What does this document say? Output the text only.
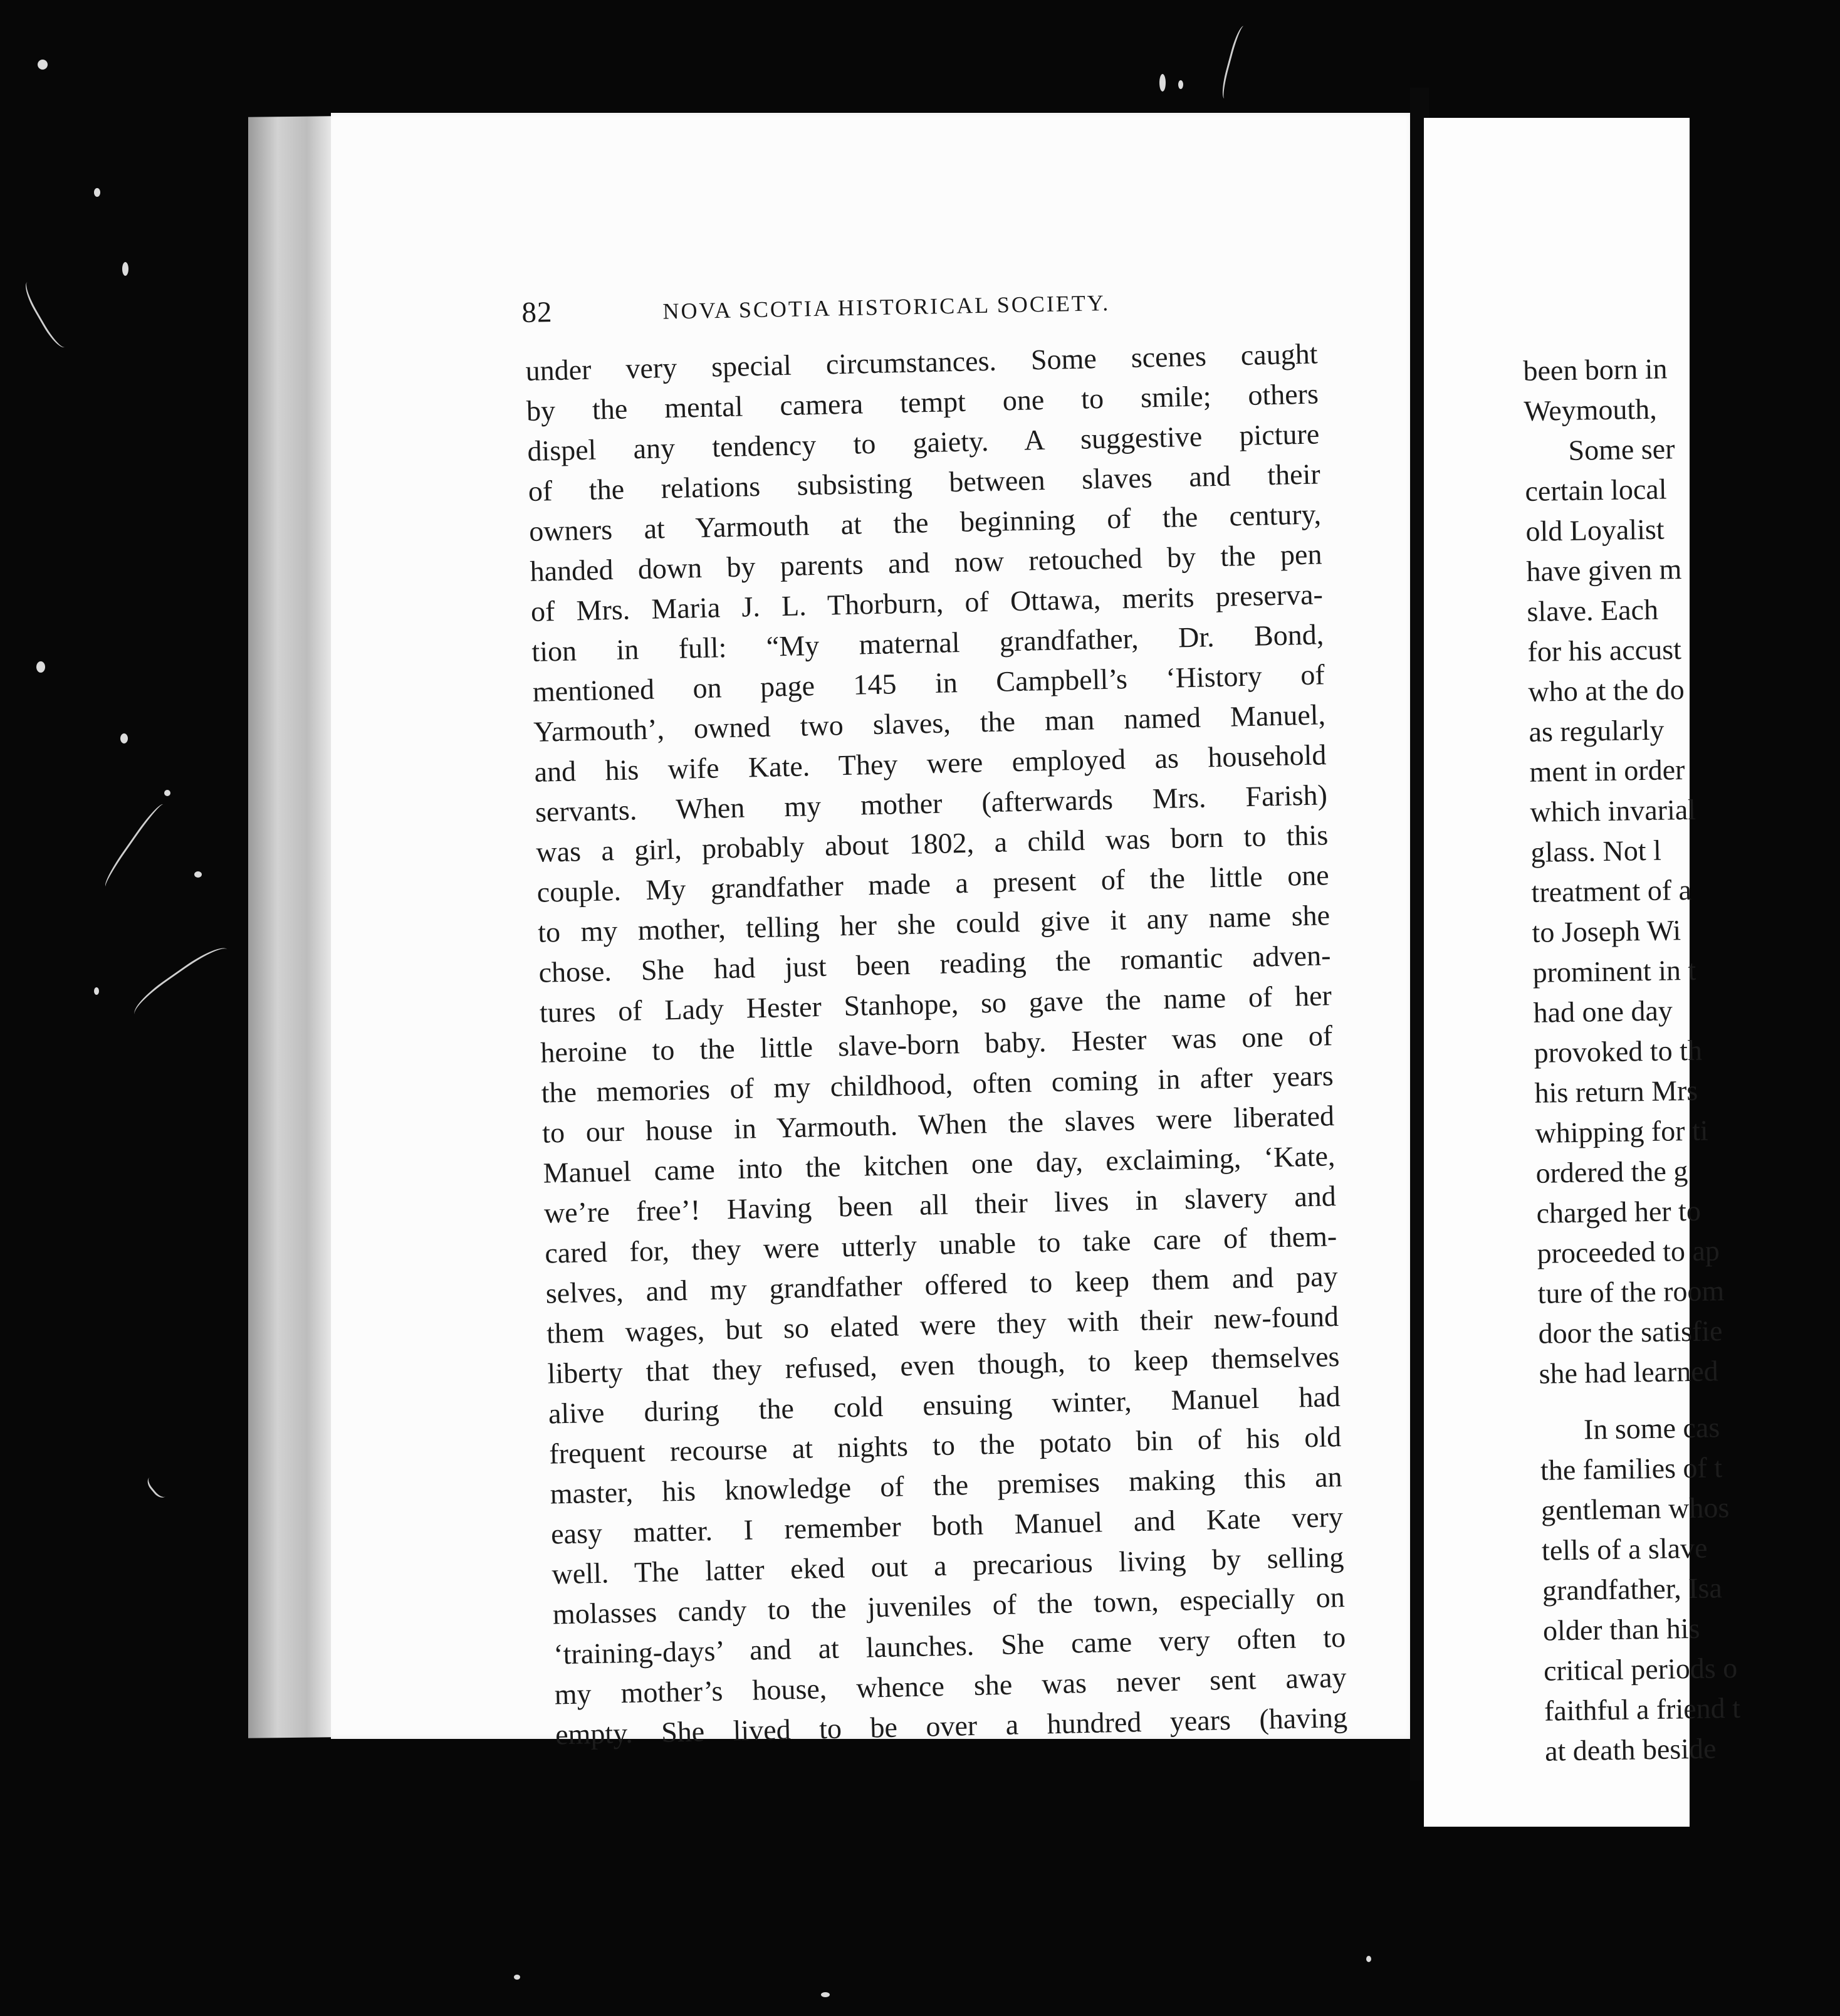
82	NOVA SCOTIA HISTORICAL SOCIETY.
under very special circumstances. Some scenes caught
by the mental camera tempt one to smile; others
dispel any tendency to gaiety. A suggestive picture
of the relations subsisting between slaves and their
owners at Yarmouth at the beginning of the century,
handed down by parents and now retouched by the pen
of Mrs. Maria J. L. Thorburn, of Ottawa, merits preserva-
tion in full: “My maternal grandfather, Dr. Bond,
mentioned on page 145 in Campbell’s ‘History of
Yarmouth’, owned two slaves, the man named Manuel,
and his wife Kate. They were employed as household
servants. When my mother (afterwards Mrs. Farish)
was a girl, probably about 1802, a child was born to this
couple. My grandfather made a present of the little one
to my mother, telling her she could give it any name she
chose. She had just been reading the romantic adven-
tures of Lady Hester Stanhope, so gave the name of her
heroine to the little slave-born baby. Hester was one of
the memories of my childhood, often coming in after years
to our house in Yarmouth. When the slaves were liberated
Manuel came into the kitchen one day, exclaiming, ‘Kate,
we’re free’! Having been all their lives in slavery and
cared for, they were utterly unable to take care of them-
selves, and my grandfather offered to keep them and pay
them wages, but so elated were they with their new-found
liberty that they refused, even though, to keep themselves
alive during the cold ensuing winter, Manuel had
frequent recourse at nights to the potato bin of his old
master, his knowledge of the premises making this an
easy matter. I remember both Manuel and Kate very
well. The latter eked out a precarious living by selling
molasses candy to the juveniles of the town, especially on
‘training-days’ and at launches. She came very often to
my mother’s house, whence she was never sent away
empty. She lived to be over a hundred years (having
been born in
Weymouth,
Some ser
certain local
old Loyalist
have given m
slave. Each
for his accust
who at the do
as regularly
ment in order
which invarial
glass. Not l
treatment of a
to Joseph Wi
prominent in t
had one day
provoked to th
his return Mrs
whipping for ti
ordered the g
charged her to
proceeded to ap
ture of the room
door the satisfie
she had learned
In some cas
the families of t
gentleman whos
tells of a slave
grandfather, Isa
older than his
critical periods o
faithful a friend t
at death beside
